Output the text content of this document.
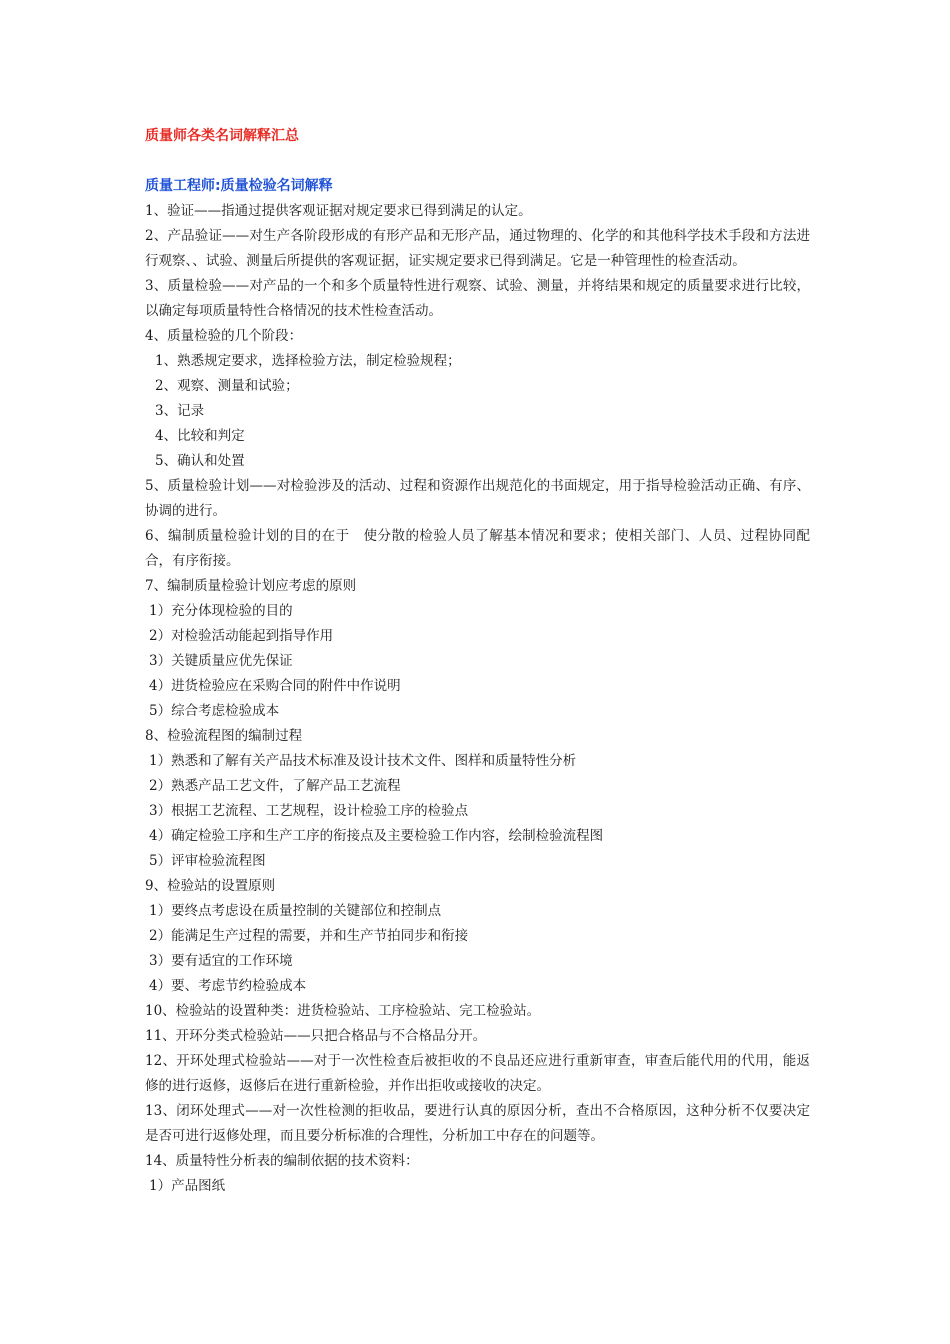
质量师各类名词解释汇总
质量工程师:质量检验名词解释

1、验证——指通过提供客观证据对规定要求已得到满足的认定。

2、产品验证——对生产各阶段形成的有形产品和无形产品，通过物理的、化学的和其他科学技术手段和方法进行观察、、试验、测量后所提供的客观证据，证实规定要求已得到满足。它是一种管理性的检查活动。

3、质量检验——对产品的一个和多个质量特性进行观察、试验、测量，并将结果和规定的质量要求进行比较，以确定每项质量特性合格情况的技术性检查活动。

4、质量检验的几个阶段：

1、熟悉规定要求，选择检验方法，制定检验规程；

2、观察、测量和试验；

3、记录

4、比较和判定

5、确认和处置

5、质量检验计划——对检验涉及的活动、过程和资源作出规范化的书面规定，用于指导检验活动正确、有序、协调的进行。

6、编制质量检验计划的目的在于　使分散的检验人员了解基本情况和要求；使相关部门、人员、过程协同配合，有序衔接。

7、编制质量检验计划应考虑的原则

1）充分体现检验的目的

2）对检验活动能起到指导作用

3）关键质量应优先保证

4）进货检验应在采购合同的附件中作说明

5）综合考虑检验成本

8、检验流程图的编制过程

1）熟悉和了解有关产品技术标准及设计技术文件、图样和质量特性分析

2）熟悉产品工艺文件，了解产品工艺流程

3）根据工艺流程、工艺规程，设计检验工序的检验点

4）确定检验工序和生产工序的衔接点及主要检验工作内容，绘制检验流程图

5）评审检验流程图

9、检验站的设置原则

1）要终点考虑设在质量控制的关键部位和控制点

2）能满足生产过程的需要，并和生产节拍同步和衔接

3）要有适宜的工作环境

4）要、考虑节约检验成本

10、检验站的设置种类：进货检验站、工序检验站、完工检验站。

11、开环分类式检验站——只把合格品与不合格品分开。

12、开环处理式检验站——对于一次性检查后被拒收的不良品还应进行重新审查，审查后能代用的代用，能返修的进行返修，返修后在进行重新检验，并作出拒收或接收的决定。

13、闭环处理式——对一次性检测的拒收品，要进行认真的原因分析，查出不合格原因，这种分析不仅要决定是否可进行返修处理，而且要分析标准的合理性，分析加工中存在的问题等。

14、质量特性分析表的编制依据的技术资料：

1）产品图纸
